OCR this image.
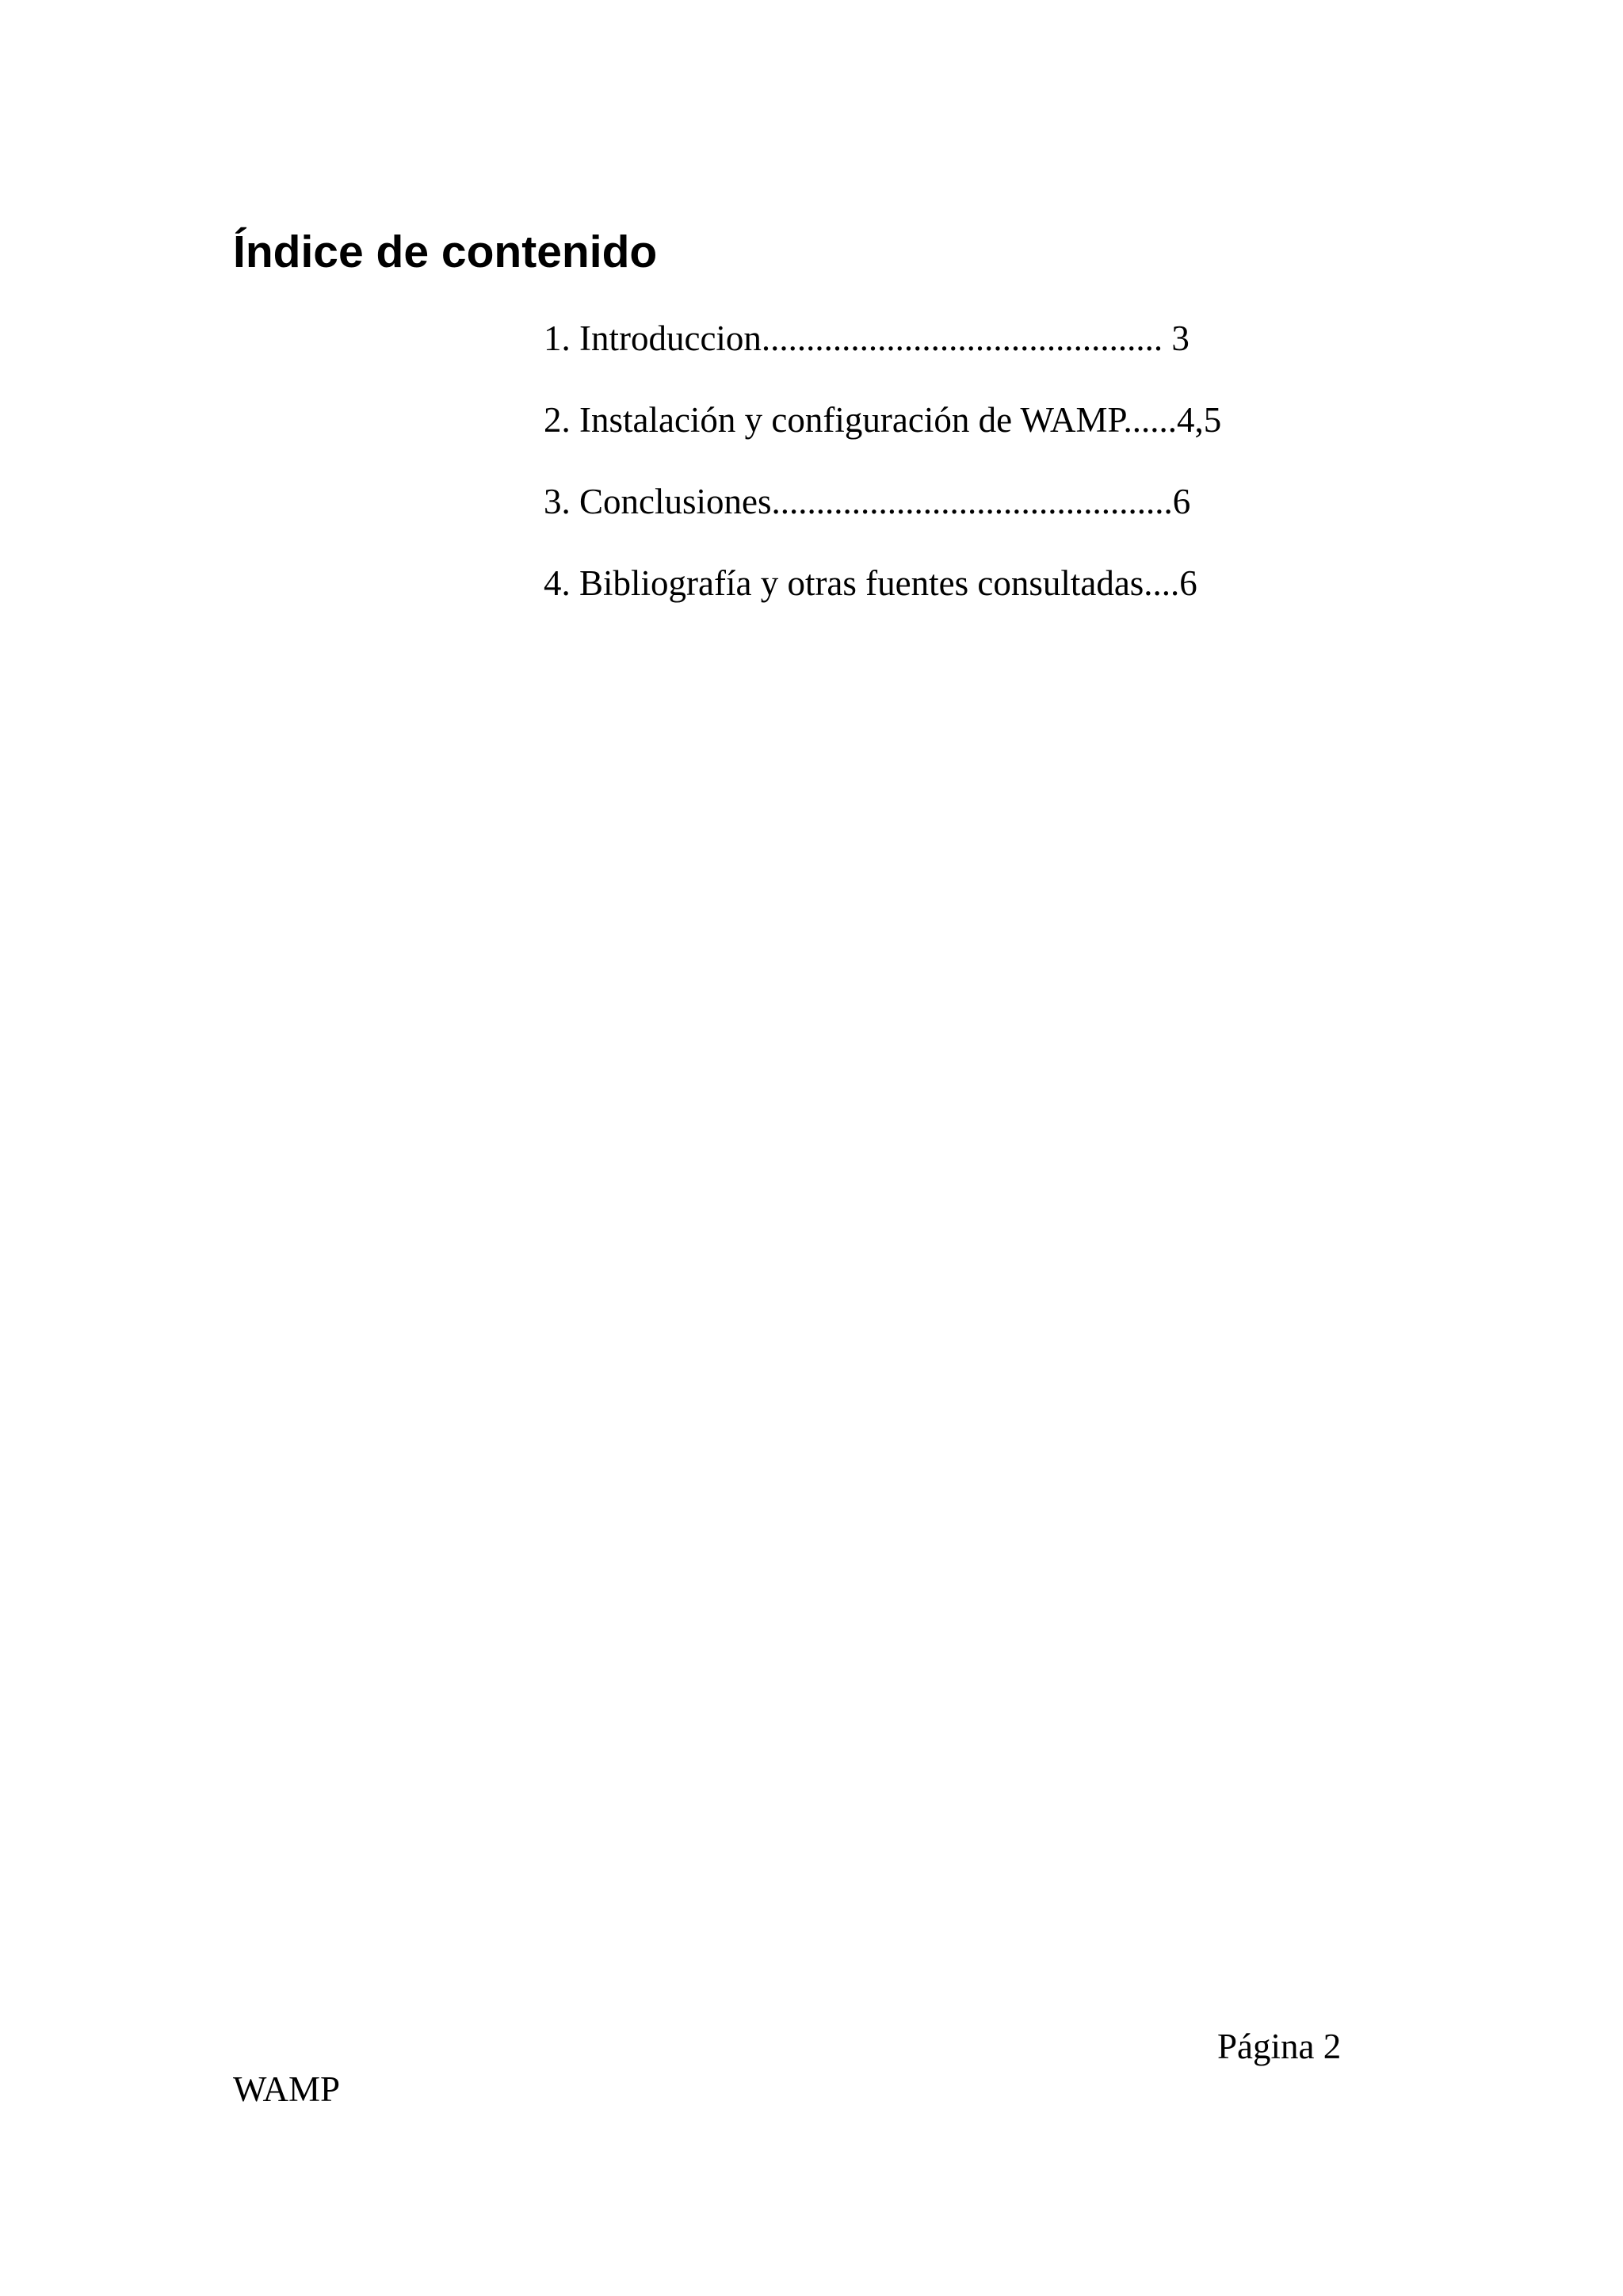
Índice de contenido
1. Introduccion............................................. 3
2. Instalación y configuración de WAMP......4,5
3. Conclusiones.............................................6
4. Bibliografía y otras fuentes consultadas....6
Página 2
WAMP
